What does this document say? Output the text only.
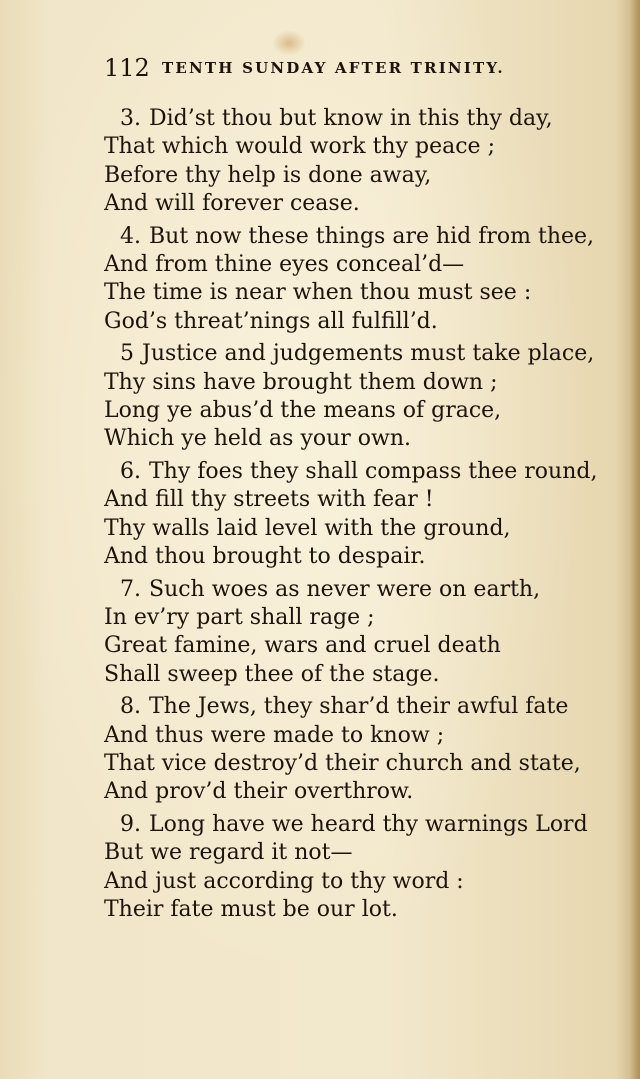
112 TENTH SUNDAY AFTER TRINITY.
3. Did’st thou but know in this thy day,
That which would work thy peace ;
Before thy help is done away,
And will forever cease.
4. But now these things are hid from thee,
And from thine eyes conceal’d—
The time is near when thou must see :
God’s threat’nings all fulfill’d.
5 Justice and judgements must take place,
Thy sins have brought them down ;
Long ye abus’d the means of grace,
Which ye held as your own.
6. Thy foes they shall compass thee round,
And fill thy streets with fear !
Thy walls laid level with the ground,
And thou brought to despair.
7. Such woes as never were on earth,
In ev’ry part shall rage ;
Great famine, wars and cruel death
Shall sweep thee of the stage.
8. The Jews, they shar’d their awful fate
And thus were made to know ;
That vice destroy’d their church and state,
And prov’d their overthrow.
9. Long have we heard thy warnings Lord
But we regard it not—
And just according to thy word :
Their fate must be our lot.
